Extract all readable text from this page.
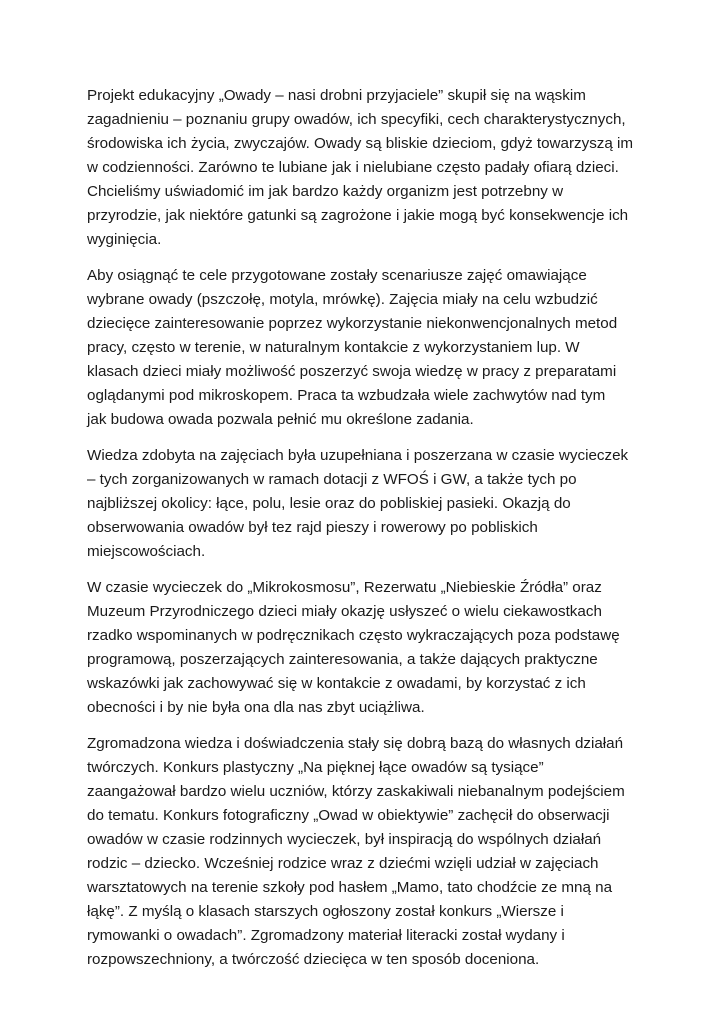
Projekt edukacyjny „Owady – nasi drobni przyjaciele” skupił się na wąskim
zagadnieniu – poznaniu grupy owadów, ich specyfiki, cech charakterystycznych,
środowiska ich życia, zwyczajów. Owady są bliskie dzieciom, gdyż towarzyszą im
w codzienności. Zarówno te lubiane jak i nielubiane często padały ofiarą dzieci.
Chcieliśmy uświadomić im jak bardzo każdy organizm jest potrzebny w
przyrodzie, jak niektóre gatunki są zagrożone i jakie mogą być konsekwencje ich
wyginięcia.

Aby osiągnąć te cele przygotowane zostały scenariusze zajęć omawiające
wybrane owady (pszczołę, motyla, mrówkę). Zajęcia miały na celu wzbudzić
dziecięce zainteresowanie poprzez wykorzystanie niekonwencjonalnych metod
pracy, często w terenie, w naturalnym kontakcie z wykorzystaniem lup. W
klasach dzieci miały możliwość poszerzyć swoja wiedzę w pracy z preparatami
oglądanymi pod mikroskopem. Praca ta wzbudzała wiele zachwytów nad tym
jak budowa owada pozwala pełnić mu określone zadania.

Wiedza zdobyta na zajęciach była uzupełniana i poszerzana w czasie wycieczek
– tych zorganizowanych w ramach dotacji z WFOŚ i GW, a także tych po
najbliższej okolicy: łące, polu, lesie oraz do pobliskiej pasieki. Okazją do
obserwowania owadów był tez rajd pieszy i rowerowy po pobliskich
miejscowościach.

W czasie wycieczek do „Mikrokosmosu”, Rezerwatu „Niebieskie Źródła” oraz
Muzeum Przyrodniczego dzieci miały okazję usłyszeć o wielu ciekawostkach
rzadko wspominanych w podręcznikach często wykraczających poza podstawę
programową, poszerzających zainteresowania, a także dających praktyczne
wskazówki jak zachowywać się w kontakcie z owadami, by korzystać z ich
obecności i by nie była ona dla nas zbyt uciążliwa.

Zgromadzona wiedza i doświadczenia stały się dobrą bazą do własnych działań
twórczych. Konkurs plastyczny „Na pięknej łące owadów są tysiące”
zaangażował bardzo wielu uczniów, którzy zaskakiwali niebanalnym podejściem
do tematu. Konkurs fotograficzny „Owad w obiektywie” zachęcił do obserwacji
owadów w czasie rodzinnych wycieczek, był inspiracją do wspólnych działań
rodzic – dziecko. Wcześniej rodzice wraz z dziećmi wzięli udział w zajęciach
warsztatowych na terenie szkoły pod hasłem „Mamo, tato chodźcie ze mną na
łąkę”. Z myślą o klasach starszych ogłoszony został konkurs „Wiersze i
rymowanki o owadach”. Zgromadzony materiał literacki został wydany i
rozpowszechniony, a twórczość dziecięca w ten sposób doceniona.
